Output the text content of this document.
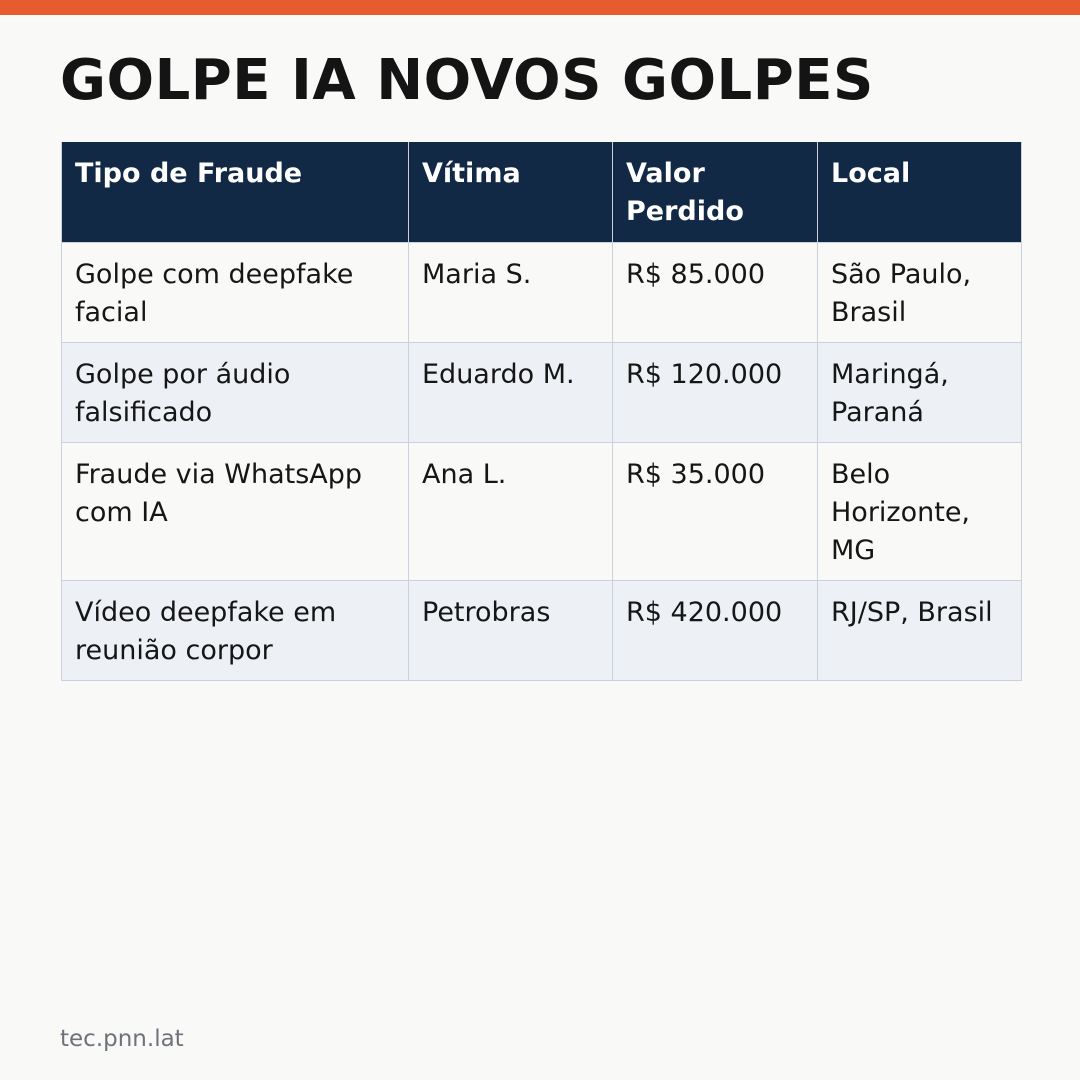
GOLPE IA NOVOS GOLPES
Tipo de Fraude	Vítima	Valor Perdido	Local
Golpe com deepfake facial	Maria S.	R$ 85.000	São Paulo, Brasil
Golpe por áudio falsificado	Eduardo M.	R$ 120.000	Maringá, Paraná
Fraude via WhatsApp com IA	Ana L.	R$ 35.000	Belo Horizonte, MG
Vídeo deepfake em reunião corpor	Petrobras	R$ 420.000	RJ/SP, Brasil
tec.pnn.lat
